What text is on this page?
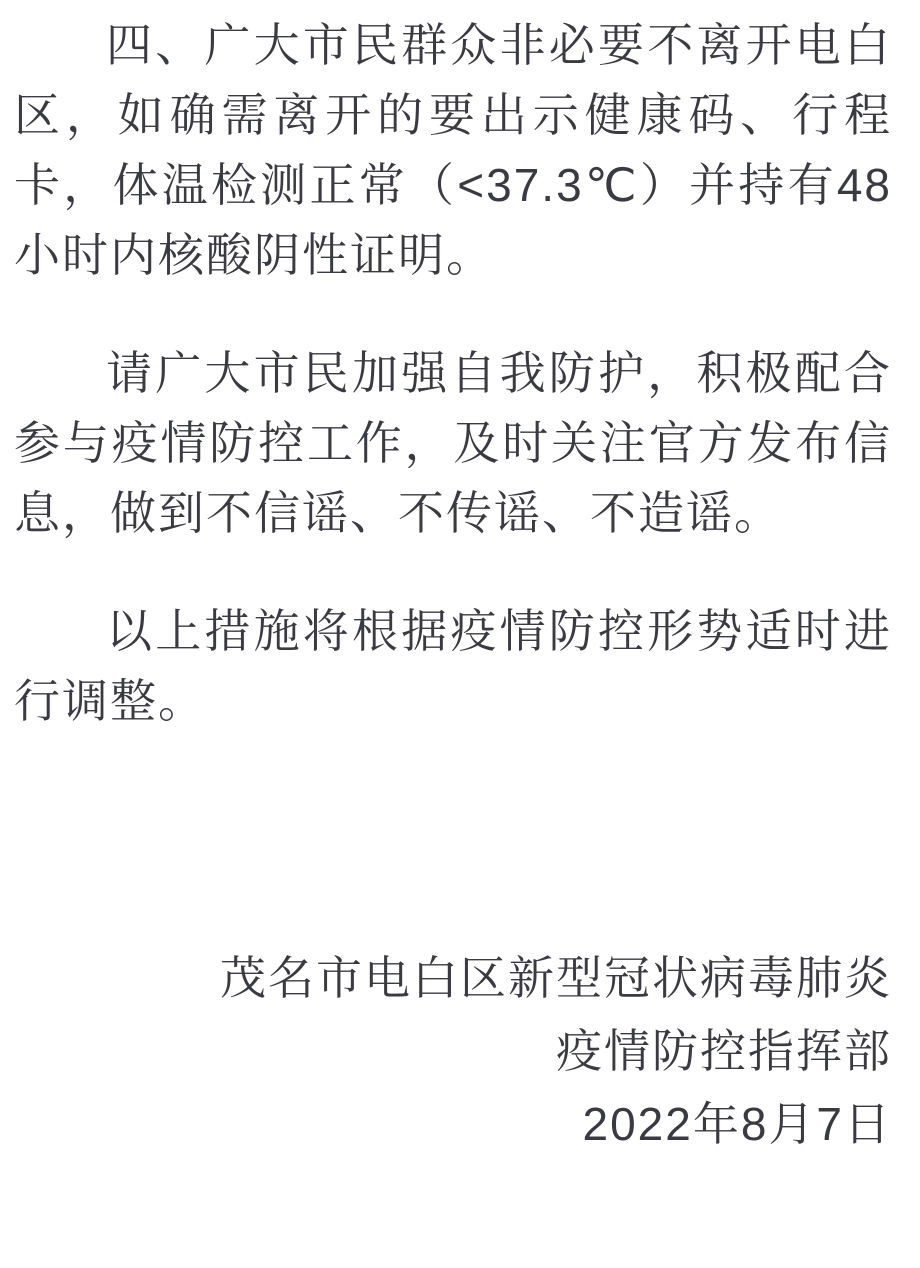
四、广大市民群众非必要不离开电白区，如确需离开的要出示健康码、行程卡，体温检测正常（<37.3℃）并持有48小时内核酸阴性证明。

请广大市民加强自我防护，积极配合参与疫情防控工作，及时关注官方发布信息，做到不信谣、不传谣、不造谣。

以上措施将根据疫情防控形势适时进行调整。

茂名市电白区新型冠状病毒肺炎
疫情防控指挥部
2022年8月7日
